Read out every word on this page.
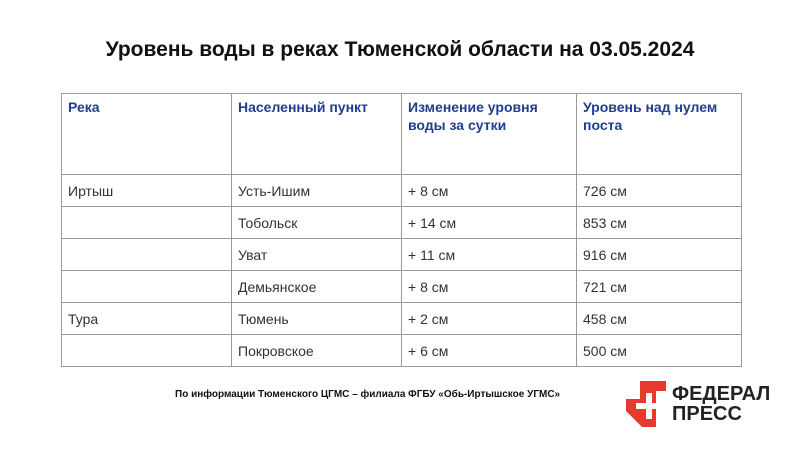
Уровень воды в реках Тюменской области на 03.05.2024
Река	Населенный пункт	Изменение уровня воды за сутки	Уровень над нулем поста
Иртыш	Усть-Ишим	+ 8 см	726 см
	Тобольск	+ 14 см	853 см
	Уват	+ 11 см	916 см
	Демьянское	+ 8 см	721 см
Тура	Тюмень	+ 2 см	458 см
	Покровское	+ 6 см	500 см
По информации Тюменского ЦГМС – филиала ФГБУ «Обь-Иртышское УГМС»	ФЕДЕРАЛ
ПРЕСС
